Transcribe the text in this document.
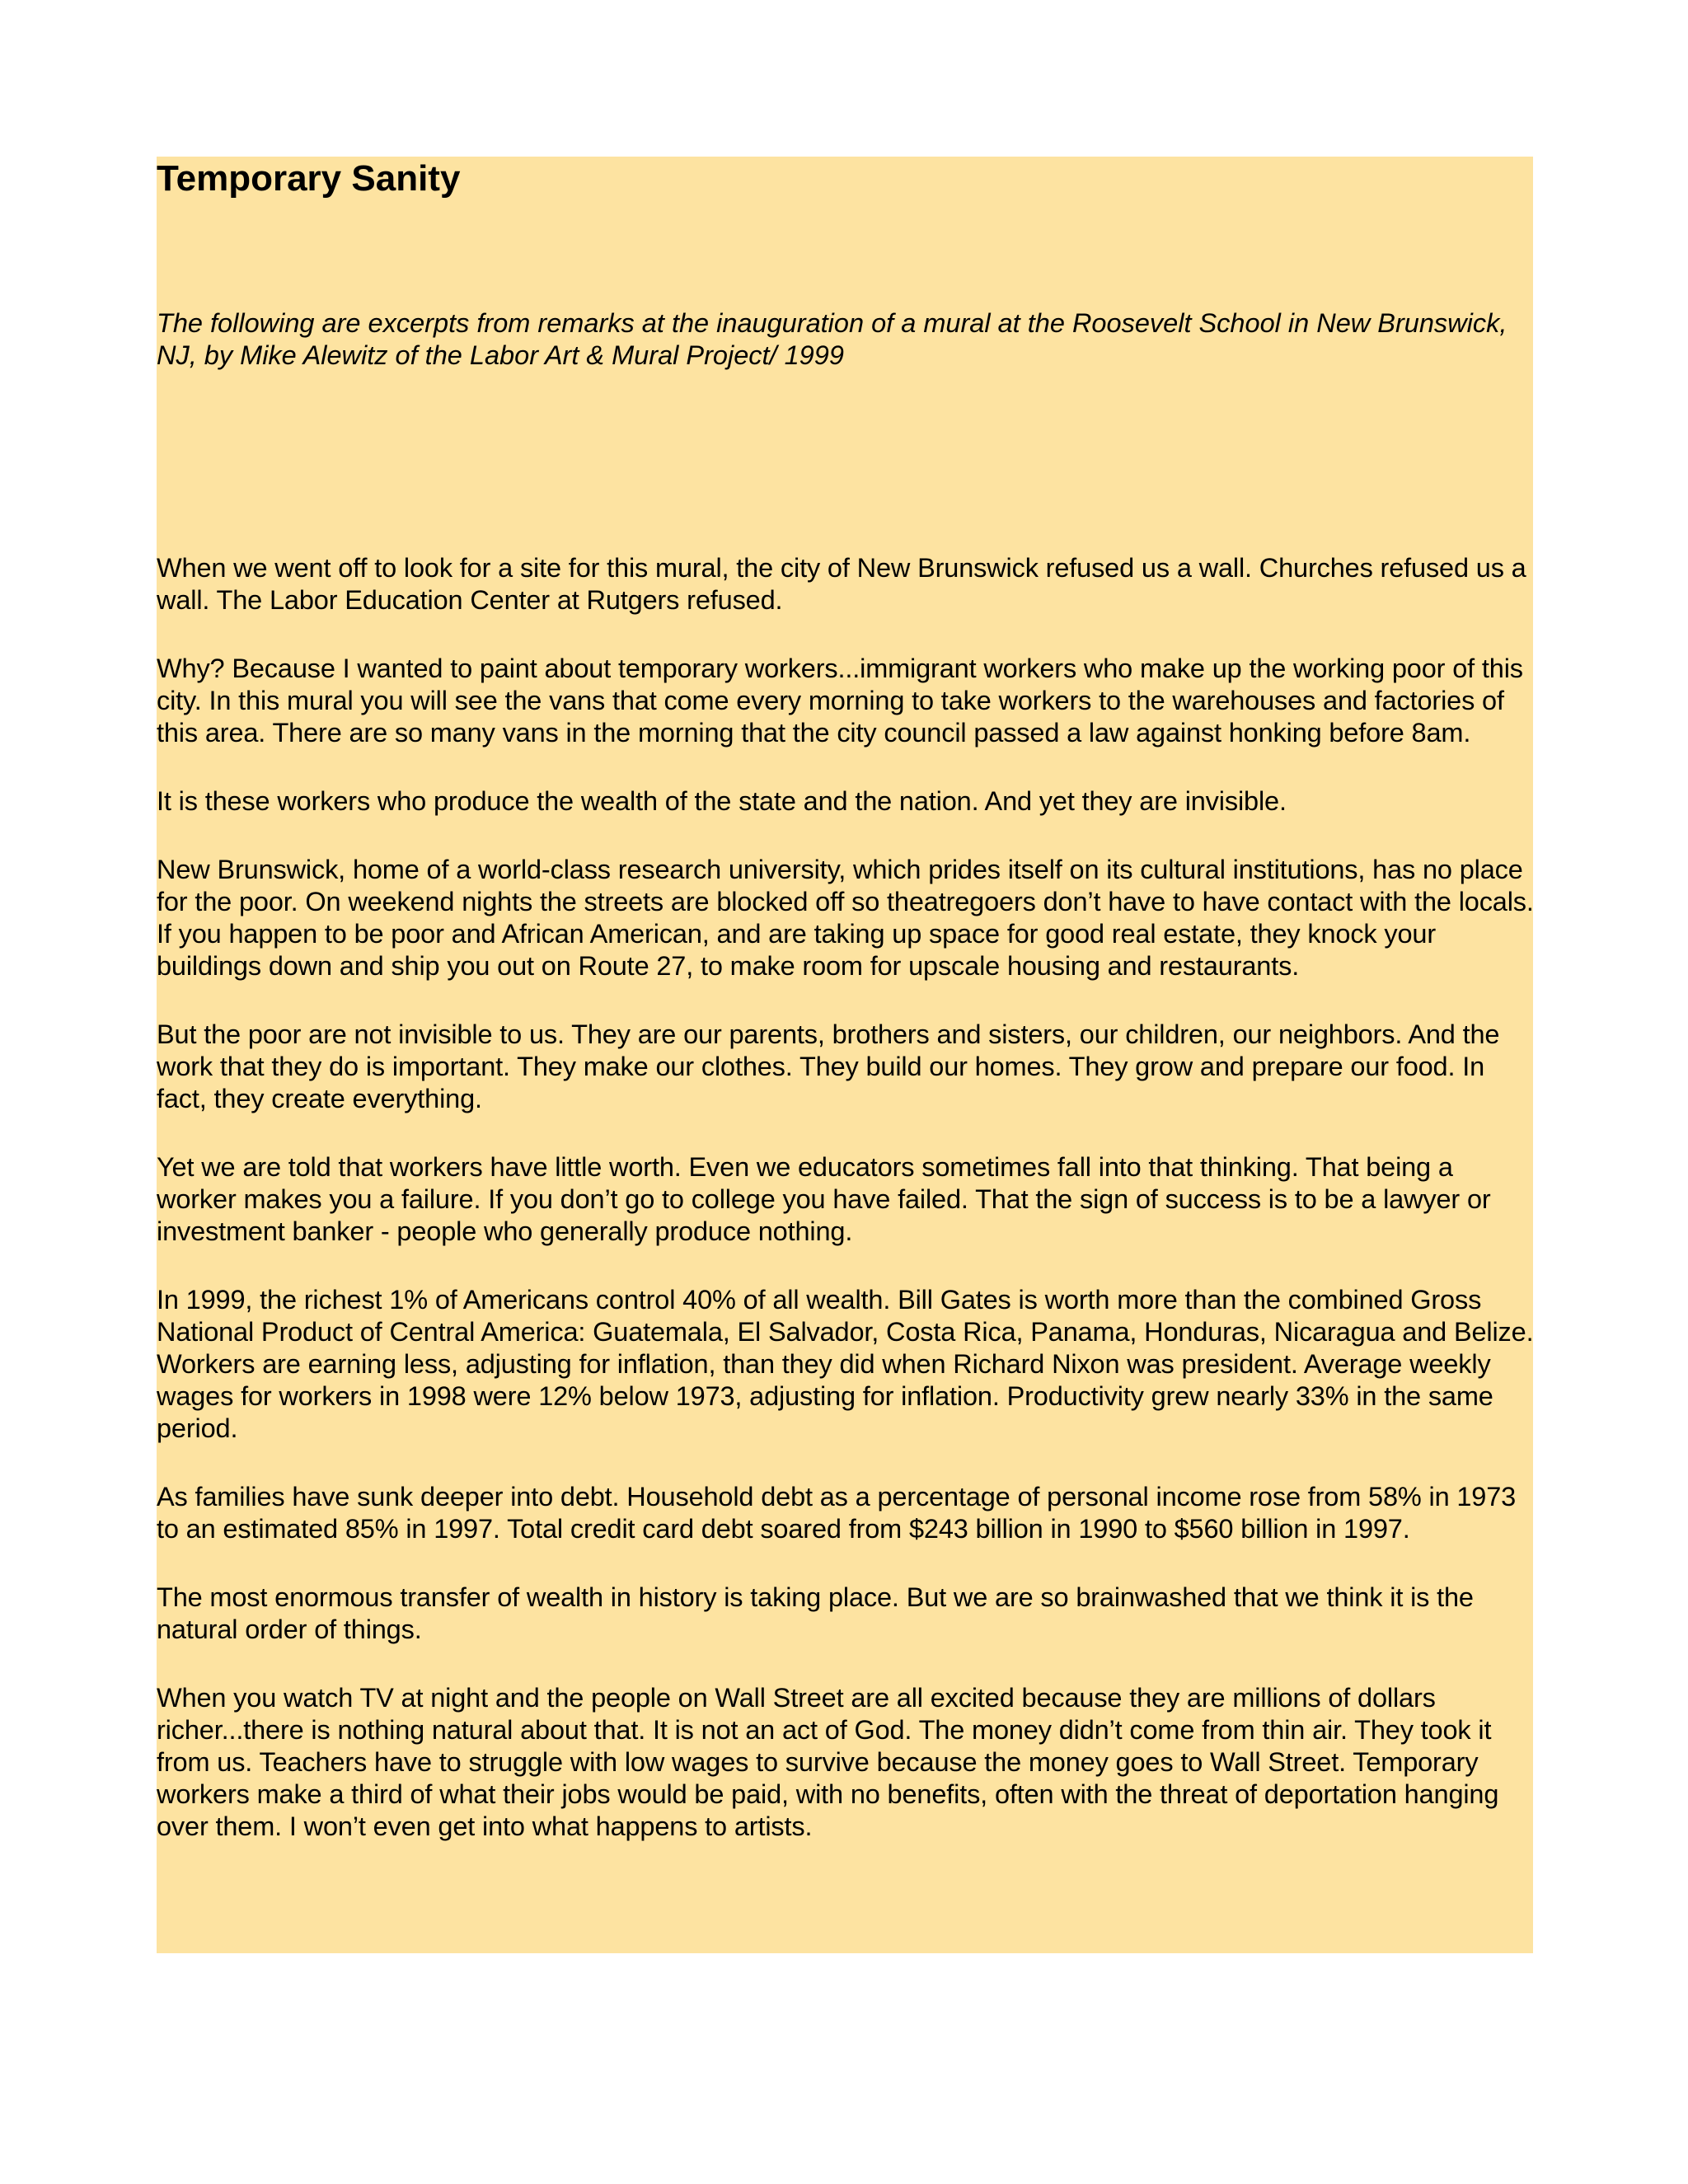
Temporary Sanity

The following are excerpts from remarks at the inauguration of a mural at the Roosevelt School in New Brunswick, NJ, by Mike Alewitz of the Labor Art & Mural Project/ 1999

When we went off to look for a site for this mural, the city of New Brunswick refused us a wall. Churches refused us a wall. The Labor Education Center at Rutgers refused.

Why? Because I wanted to paint about temporary workers...immigrant workers who make up the working poor of this city. In this mural you will see the vans that come every morning to take workers to the warehouses and factories of this area. There are so many vans in the morning that the city council passed a law against honking before 8am.

It is these workers who produce the wealth of the state and the nation. And yet they are invisible.

New Brunswick, home of a world-class research university, which prides itself on its cultural institutions, has no place for the poor. On weekend nights the streets are blocked off so theatregoers don’t have to have contact with the locals. If you happen to be poor and African American, and are taking up space for good real estate, they knock your buildings down and ship you out on Route 27, to make room for upscale housing and restaurants.

But the poor are not invisible to us. They are our parents, brothers and sisters, our children, our neighbors. And the work that they do is important. They make our clothes. They build our homes. They grow and prepare our food. In fact, they create everything.

Yet we are told that workers have little worth. Even we educators sometimes fall into that thinking. That being a worker makes you a failure. If you don’t go to college you have failed. That the sign of success is to be a lawyer or investment banker - people who generally produce nothing.

In 1999, the richest 1% of Americans control 40% of all wealth. Bill Gates is worth more than the combined Gross National Product of Central America: Guatemala, El Salvador, Costa Rica, Panama, Honduras, Nicaragua and Belize. Workers are earning less, adjusting for inflation, than they did when Richard Nixon was president. Average weekly wages for workers in 1998 were 12% below 1973, adjusting for inflation. Productivity grew nearly 33% in the same period.

As families have sunk deeper into debt. Household debt as a percentage of personal income rose from 58% in 1973 to an estimated 85% in 1997. Total credit card debt soared from $243 billion in 1990 to $560 billion in 1997.

The most enormous transfer of wealth in history is taking place. But we are so brainwashed that we think it is the natural order of things.

When you watch TV at night and the people on Wall Street are all excited because they are millions of dollars richer...there is nothing natural about that. It is not an act of God. The money didn’t come from thin air. They took it from us. Teachers have to struggle with low wages to survive because the money goes to Wall Street. Temporary workers make a third of what their jobs would be paid, with no benefits, often with the threat of deportation hanging over them. I won’t even get into what happens to artists.
